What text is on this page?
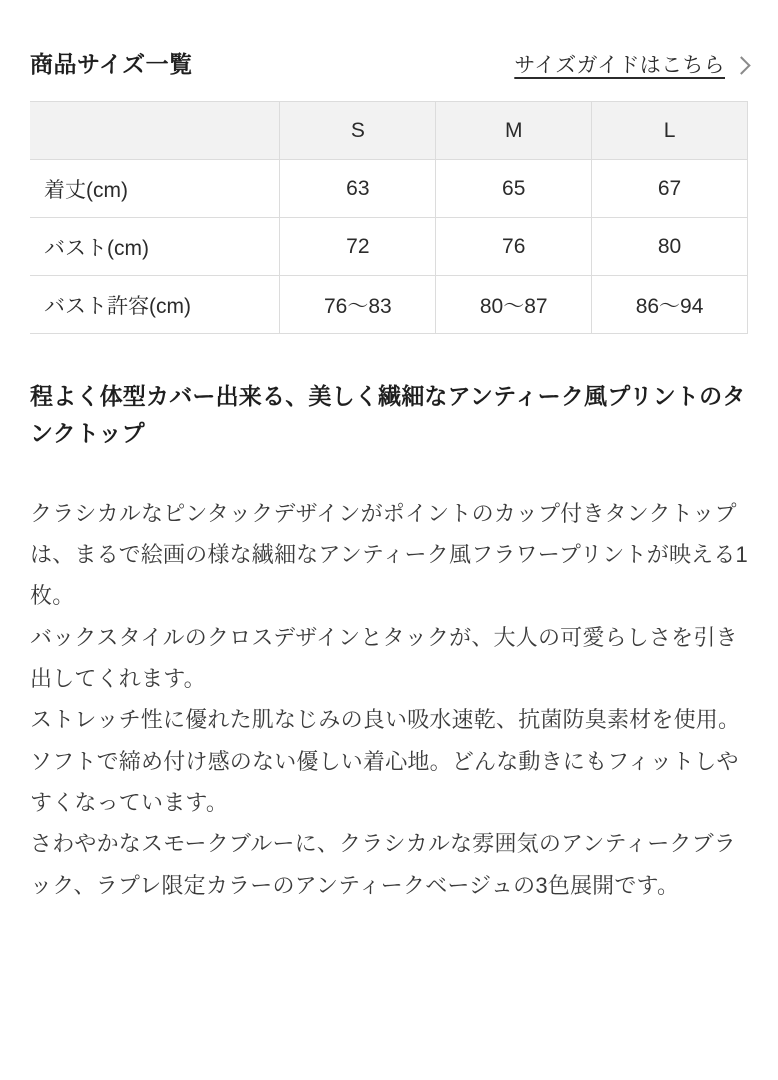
商品サイズ一覧	サイズガイドはこちら
	S	M	L
着丈(cm)	63	65	67
バスト(cm)	72	76	80
バスト許容(cm)	76〜83	80〜87	86〜94
程よく体型カバー出来る、美しく繊細なアンティーク風プリントのタンクトップ

クラシカルなピンタックデザインがポイントのカップ付きタンクトップは、まるで絵画の様な繊細なアンティーク風フラワープリントが映える1枚。

バックスタイルのクロスデザインとタックが、大人の可愛らしさを引き出してくれます。

ストレッチ性に優れた肌なじみの良い吸水速乾、抗菌防臭素材を使用。

ソフトで締め付け感のない優しい着心地。どんな動きにもフィットしやすくなっています。

さわやかなスモークブルーに、クラシカルな雰囲気のアンティークブラック、ラプレ限定カラーのアンティークベージュの3色展開です。
